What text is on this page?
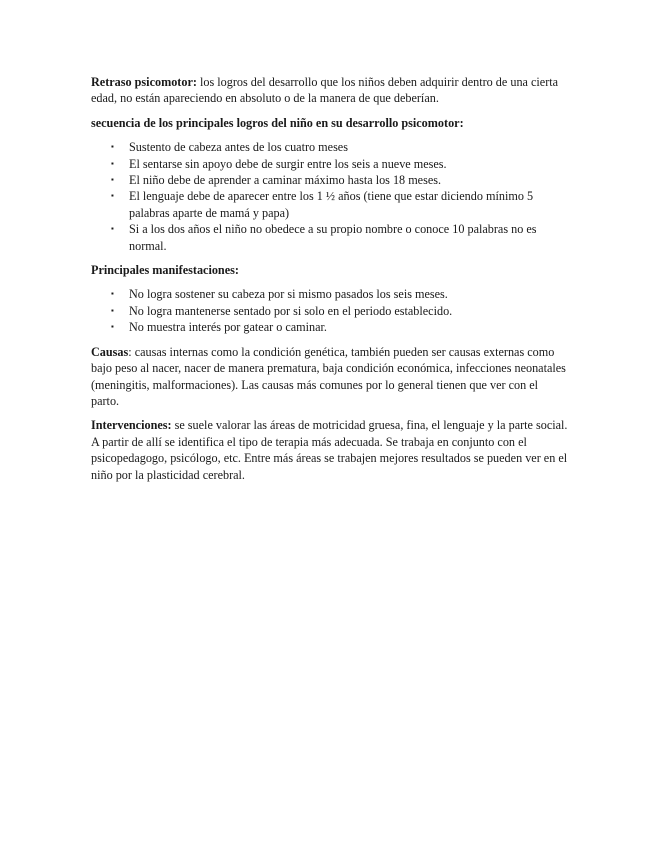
Retraso psicomotor: los logros del desarrollo que los niños deben adquirir dentro de una cierta edad, no están apareciendo en absoluto o de la manera de que deberían.

secuencia de los principales logros del niño en su desarrollo psicomotor:

▪ Sustento de cabeza antes de los cuatro meses
▪ El sentarse sin apoyo debe de surgir entre los seis a nueve meses.
▪ El niño debe de aprender a caminar máximo hasta los 18 meses.
▪ El lenguaje debe de aparecer entre los 1 ½ años (tiene que estar diciendo mínimo 5 palabras aparte de mamá y papa)
▪ Si a los dos años el niño no obedece a su propio nombre o conoce 10 palabras no es normal.

Principales manifestaciones:

▪ No logra sostener su cabeza por si mismo pasados los seis meses.
▪ No logra mantenerse sentado por si solo en el periodo establecido.
▪ No muestra interés por gatear o caminar.

Causas: causas internas como la condición genética, también pueden ser causas externas como bajo peso al nacer, nacer de manera prematura, baja condición económica, infecciones neonatales (meningitis, malformaciones). Las causas más comunes por lo general tienen que ver con el parto.

Intervenciones: se suele valorar las áreas de motricidad gruesa, fina, el lenguaje y la parte social. A partir de allí se identifica el tipo de terapia más adecuada. Se trabaja en conjunto con el psicopedagogo, psicólogo, etc. Entre más áreas se trabajen mejores resultados se pueden ver en el niño por la plasticidad cerebral.
